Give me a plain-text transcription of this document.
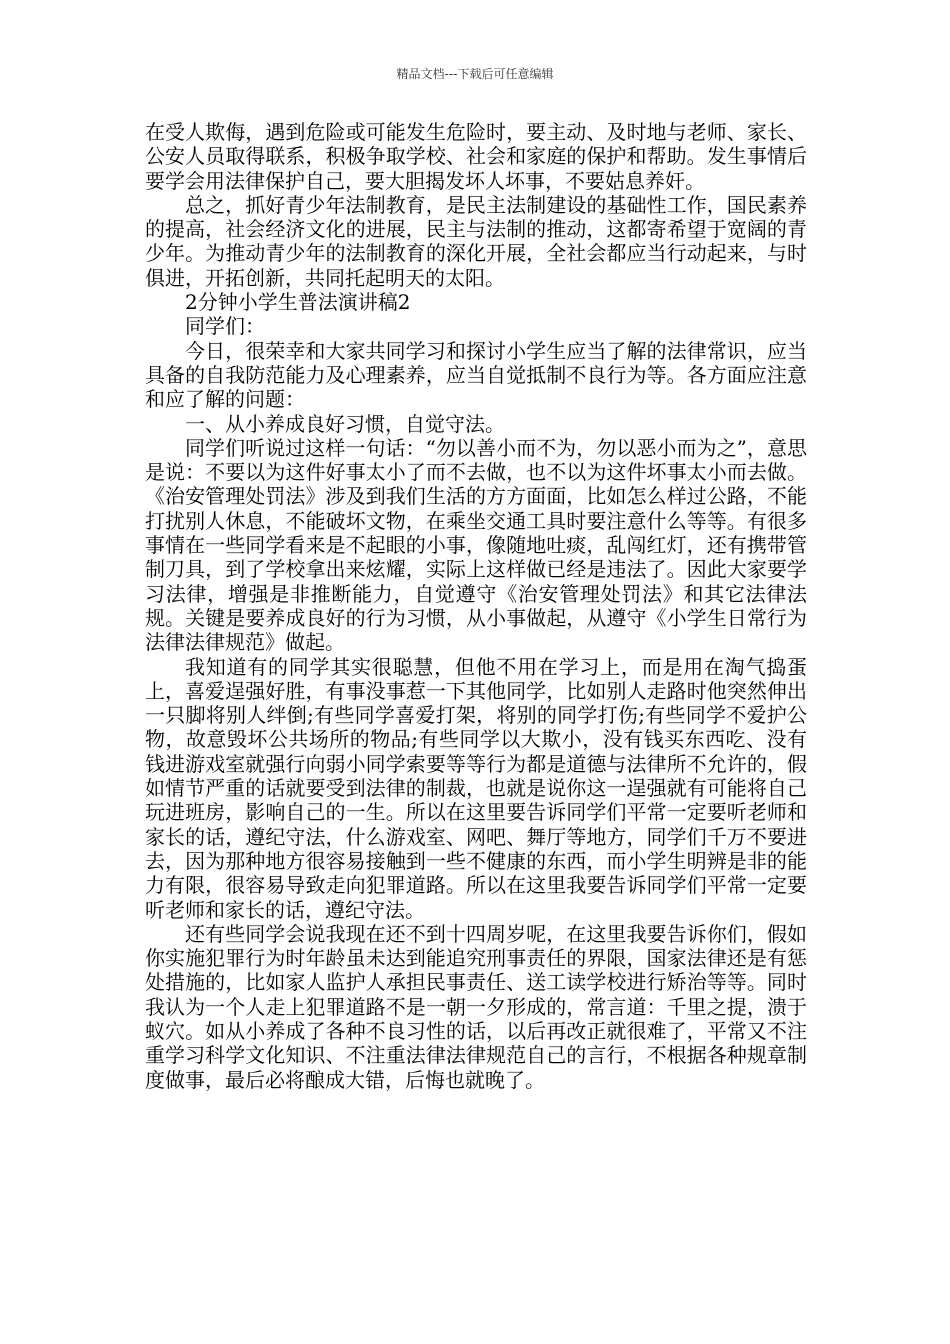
精品文档---下载后可任意编辑

在受人欺侮，遇到危险或可能发生危险时，要主动、及时地与老师、家长、公安人员取得联系，积极争取学校、社会和家庭的保护和帮助。发生事情后要学会用法律保护自己，要大胆揭发坏人坏事，不要姑息养奸。

总之，抓好青少年法制教育，是民主法制建设的基础性工作，国民素养的提高，社会经济文化的进展，民主与法制的推动，这都寄希望于宽阔的青少年。为推动青少年的法制教育的深化开展，全社会都应当行动起来，与时俱进，开拓创新，共同托起明天的太阳。

2分钟小学生普法演讲稿2

同学们：

今日，很荣幸和大家共同学习和探讨小学生应当了解的法律常识，应当具备的自我防范能力及心理素养，应当自觉抵制不良行为等。各方面应注意和应了解的问题：

一、从小养成良好习惯，自觉守法。

同学们听说过这样一句话：“勿以善小而不为，勿以恶小而为之”，意思是说：不要以为这件好事太小了而不去做，也不以为这件坏事太小而去做。《治安管理处罚法》涉及到我们生活的方方面面，比如怎么样过公路，不能打扰别人休息，不能破坏文物，在乘坐交通工具时要注意什么等等。有很多事情在一些同学看来是不起眼的小事，像随地吐痰，乱闯红灯，还有携带管制刀具，到了学校拿出来炫耀，实际上这样做已经是违法了。因此大家要学习法律，增强是非推断能力，自觉遵守《治安管理处罚法》和其它法律法规。关键是要养成良好的行为习惯，从小事做起，从遵守《小学生日常行为法律法律规范》做起。

我知道有的同学其实很聪慧，但他不用在学习上，而是用在淘气捣蛋上，喜爱逞强好胜，有事没事惹一下其他同学，比如别人走路时他突然伸出一只脚将别人绊倒;有些同学喜爱打架，将别的同学打伤;有些同学不爱护公物，故意毁坏公共场所的物品;有些同学以大欺小，没有钱买东西吃、没有钱进游戏室就强行向弱小同学索要等等行为都是道德与法律所不允许的，假如情节严重的话就要受到法律的制裁，也就是说你这一逞强就有可能将自己玩进班房，影响自己的一生。所以在这里要告诉同学们平常一定要听老师和家长的话，遵纪守法，什么游戏室、网吧、舞厅等地方，同学们千万不要进去，因为那种地方很容易接触到一些不健康的东西，而小学生明辨是非的能力有限，很容易导致走向犯罪道路。所以在这里我要告诉同学们平常一定要听老师和家长的话，遵纪守法。

还有些同学会说我现在还不到十四周岁呢，在这里我要告诉你们，假如你实施犯罪行为时年龄虽未达到能追究刑事责任的界限，国家法律还是有惩处措施的，比如家人监护人承担民事责任、送工读学校进行矫治等等。同时我认为一个人走上犯罪道路不是一朝一夕形成的，常言道：千里之提，溃于蚁穴。如从小养成了各种不良习性的话，以后再改正就很难了，平常又不注重学习科学文化知识、不注重法律法律规范自己的言行，不根据各种规章制度做事，最后必将酿成大错，后悔也就晚了。
